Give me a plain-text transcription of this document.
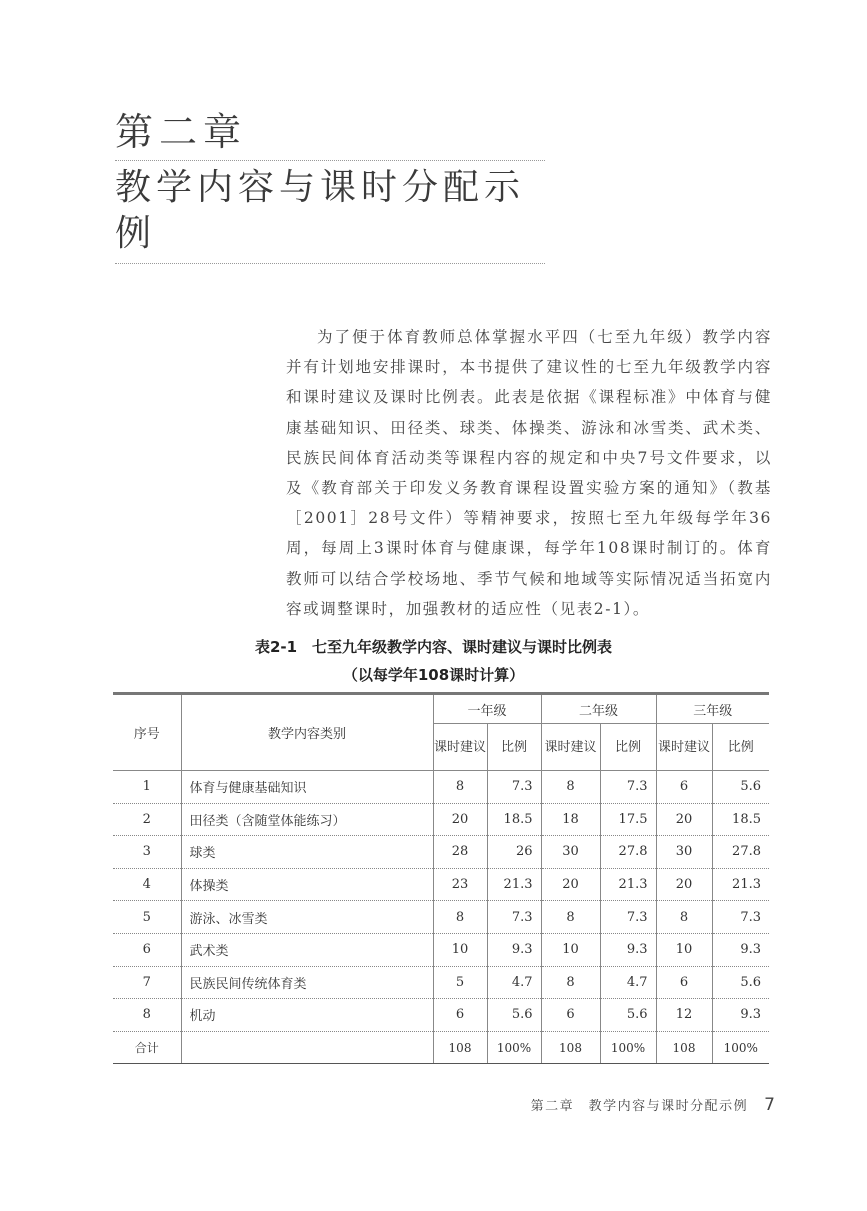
第二章
教学内容与课时分配示例

为了便于体育教师总体掌握水平四（七至九年级）教学内容并有计划地安排课时，本书提供了建议性的七至九年级教学内容和课时建议及课时比例表。此表是依据《课程标准》中体育与健康基础知识、田径类、球类、体操类、游泳和冰雪类、武术类、民族民间体育活动类等课程内容的规定和中央7号文件要求，以及《教育部关于印发义务教育课程设置实验方案的通知》（教基［2001］28号文件）等精神要求，按照七至九年级每学年36周，每周上3课时体育与健康课，每学年108课时制订的。体育教师可以结合学校场地、季节气候和地域等实际情况适当拓宽内容或调整课时，加强教材的适应性（见表2-1）。

表2-1　七至九年级教学内容、课时建议与课时比例表
（以每学年108课时计算）
序号	教学内容类别	一年级		二年级		三年级	
		课时建议	比例	课时建议	比例	课时建议	比例
1	体育与健康基础知识	8	7.3	8	7.3	6	5.6
2	田径类（含随堂体能练习）	20	18.5	18	17.5	20	18.5
3	球类	28	26	30	27.8	30	27.8
4	体操类	23	21.3	20	21.3	20	21.3
5	游泳、冰雪类	8	7.3	8	7.3	8	7.3
6	武术类	10	9.3	10	9.3	10	9.3
7	民族民间传统体育类	5	4.7	8	4.7	6	5.6
8	机动	6	5.6	6	5.6	12	9.3
合计		108	100%	108	100%	108	100%
第二章　教学内容与课时分配示例 7
